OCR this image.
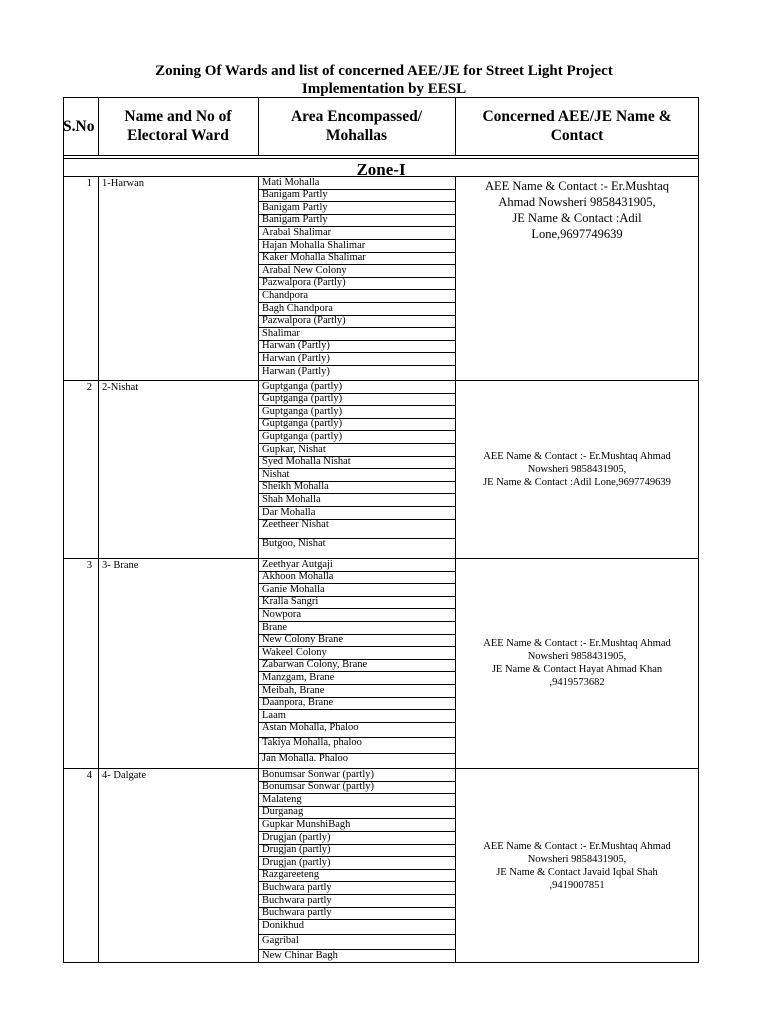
Zoning Of Wards and list of concerned AEE/JE for Street Light Project
Implementation by EESL
S.No
Name and No of Electoral Ward
Area Encompassed/ Mohallas
Concerned AEE/JE Name & Contact
Zone-I
1 1-Harwan	Mati Mohalla
Banigam Partly
Banigam Partly
Banigam Partly
Arabal Shalimar
Hajan Mohalla Shalimar
Kaker Mohalla Shalimar
Arabal New Colony
Pazwalpora (Partly)
Chandpora
Bagh Chandpora
Pazwalpora (Partly)
Shalimar
Harwan (Partly)
Harwan (Partly)
Harwan (Partly)
AEE Name & Contact :- Er.Mushtaq
Ahmad Nowsheri 9858431905,
JE Name & Contact :Adil
Lone,9697749639
2 2-Nishat	Guptganga (partly)
Guptganga (partly)
Guptganga (partly)
Guptganga (partly)
Guptganga (partly)
Gupkar, Nishat
Syed Mohalla Nishat
Nishat
Sheikh Mohalla
Shah Mohalla
Dar Mohalla
Zeetheer Nishat
Butgoo, Nishat
AEE Name & Contact :- Er.Mushtaq Ahmad
Nowsheri 9858431905,
JE Name & Contact :Adil Lone,9697749639
3 3- Brane	Zeethyar Autgaji
Akhoon Mohalla
Ganie Mohalla
Kralla Sangri
Nowpora
Brane
New Colony Brane
Wakeel Colony
Zabarwan Colony, Brane
Manzgam, Brane
Meibah, Brane
Daanpora, Brane
Laam
Astan Mohalla, Phaloo
Takiya Mohalla, phaloo
Jan Mohalla. Phaloo
AEE Name & Contact :- Er.Mushtaq Ahmad
Nowsheri 9858431905,
JE Name & Contact Hayat Ahmad Khan
,9419573682
4 4- Dalgate	Bonumsar Sonwar (partly)
Bonumsar Sonwar (partly)
Malateng
Durganag
Gupkar MunshiBagh
Drugjan (partly)
Drugjan (partly)
Drugjan (partly)
Razgareeteng
Buchwara partly
Buchwara partly
Buchwara partly
Donikhud
Gagribal
New Chinar Bagh
AEE Name & Contact :- Er.Mushtaq Ahmad
Nowsheri 9858431905,
JE Name & Contact Javaid Iqbal Shah
,9419007851
